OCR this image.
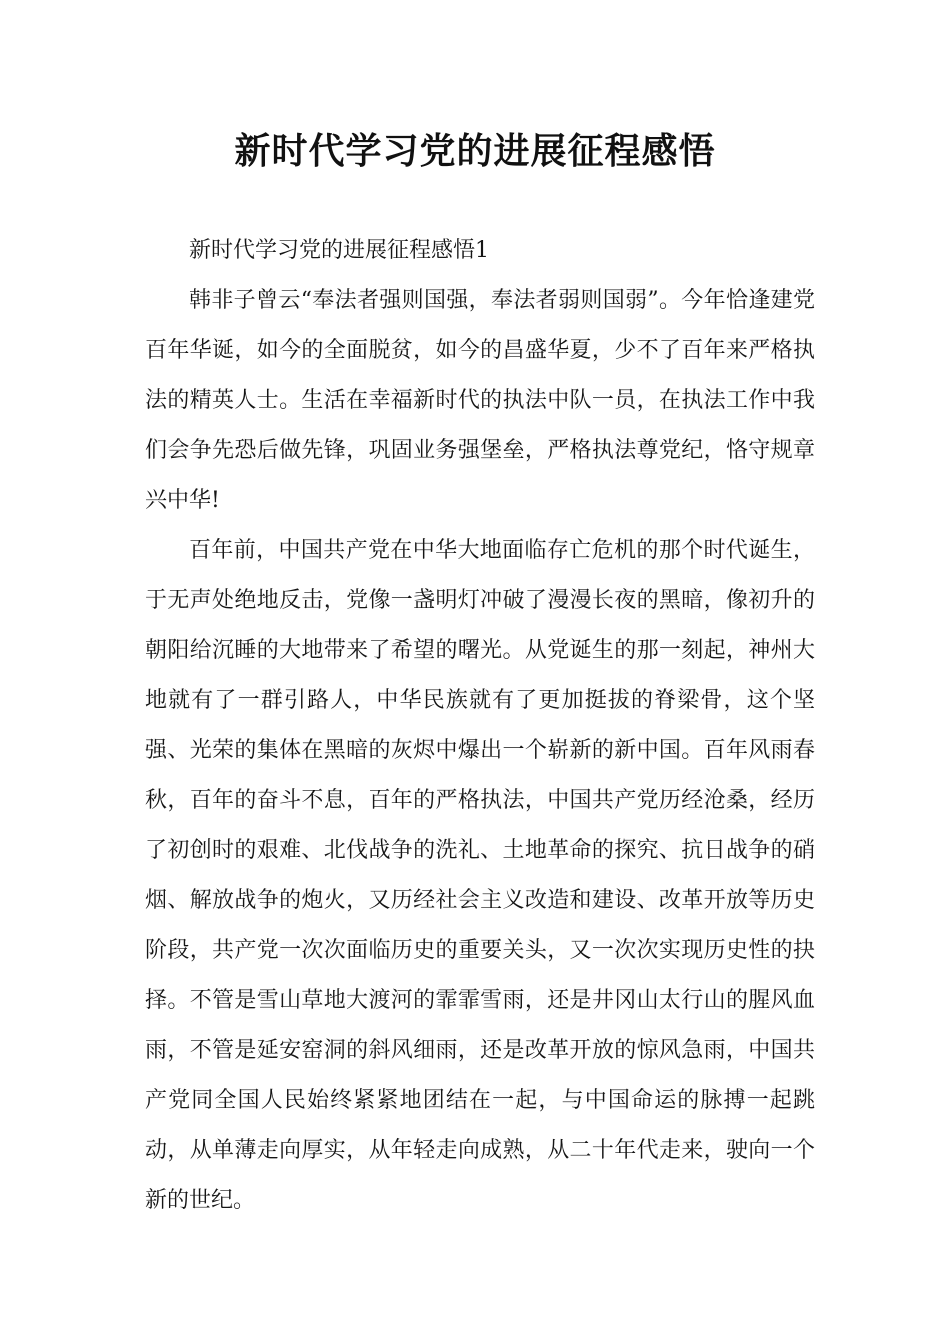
新时代学习党的进展征程感悟

新时代学习党的进展征程感悟1

韩非子曾云“奉法者强则国强，奉法者弱则国弱”。今年恰逢建党百年华诞，如今的全面脱贫，如今的昌盛华夏，少不了百年来严格执法的精英人士。生活在幸福新时代的执法中队一员，在执法工作中我们会争先恐后做先锋，巩固业务强堡垒，严格执法尊党纪，恪守规章兴中华!

百年前，中国共产党在中华大地面临存亡危机的那个时代诞生，于无声处绝地反击，党像一盏明灯冲破了漫漫长夜的黑暗，像初升的朝阳给沉睡的大地带来了希望的曙光。从党诞生的那一刻起，神州大地就有了一群引路人，中华民族就有了更加挺拔的脊梁骨，这个坚强、光荣的集体在黑暗的灰烬中爆出一个崭新的新中国。百年风雨春秋，百年的奋斗不息，百年的严格执法，中国共产党历经沧桑，经历了初创时的艰难、北伐战争的洗礼、土地革命的探究、抗日战争的硝烟、解放战争的炮火，又历经社会主义改造和建设、改革开放等历史阶段，共产党一次次面临历史的重要关头，又一次次实现历史性的抉择。不管是雪山草地大渡河的霏霏雪雨，还是井冈山太行山的腥风血雨，不管是延安窑洞的斜风细雨，还是改革开放的惊风急雨，中国共产党同全国人民始终紧紧地团结在一起，与中国命运的脉搏一起跳动，从单薄走向厚实，从年轻走向成熟，从二十年代走来，驶向一个新的世纪。
